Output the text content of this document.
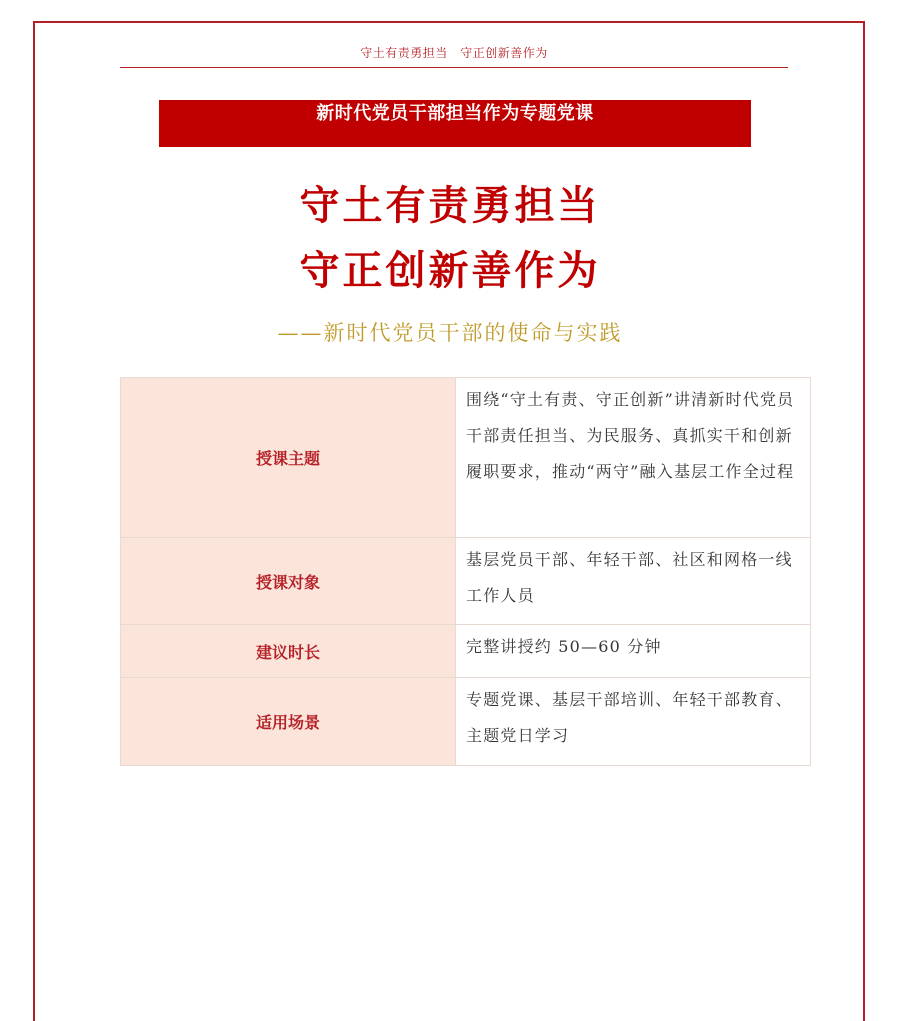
守土有责勇担当　守正创新善作为
新时代党员干部担当作为专题党课
守土有责勇担当
守正创新善作为
——新时代党员干部的使命与实践
授课主题	围绕“守土有责、守正创新”讲清新时代党员干部责任担当、为民服务、真抓实干和创新履职要求，推动“两守”融入基层工作全过程
授课对象	基层党员干部、年轻干部、社区和网格一线工作人员
建议时长	完整讲授约 50—60 分钟
适用场景	专题党课、基层干部培训、年轻干部教育、主题党日学习
